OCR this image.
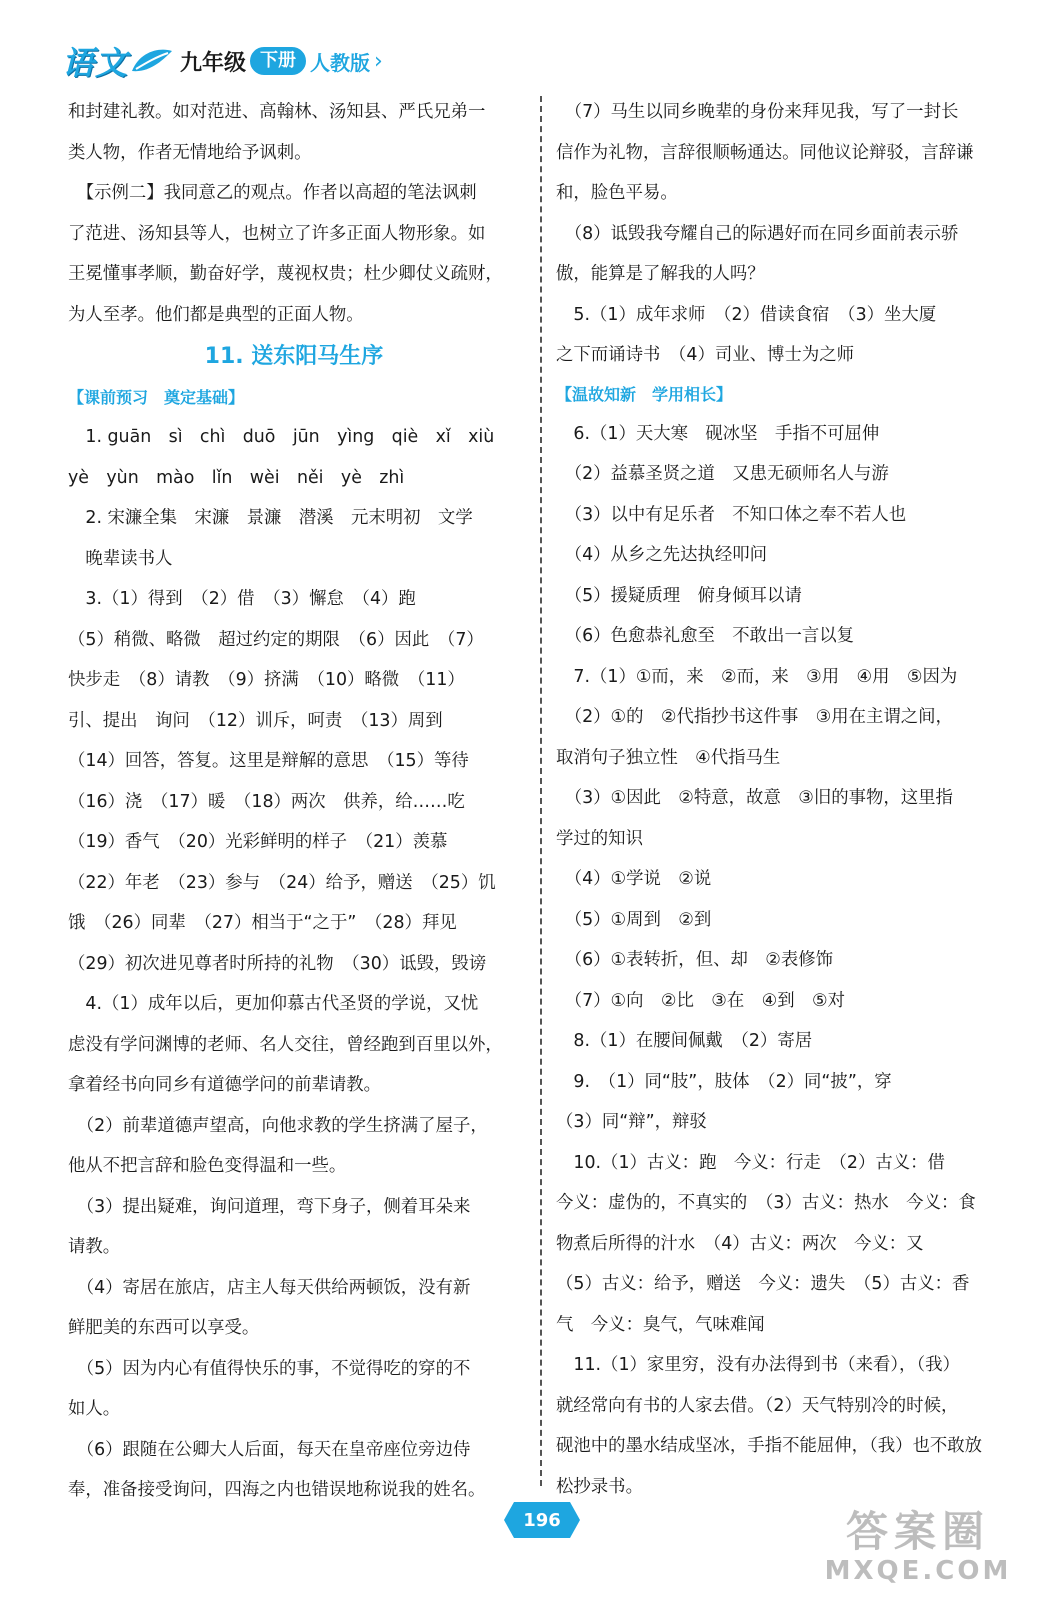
语文 九年级 下册 人教版 ›

和封建礼教。如对范进、高翰林、汤知县、严氏兄弟一

类人物，作者无情地给予讽刺。

　【示例二】我同意乙的观点。作者以高超的笔法讽刺

了范进、汤知县等人，也树立了许多正面人物形象。如

王冕懂事孝顺，勤奋好学，蔑视权贵；杜少卿仗义疏财，

为人至孝。他们都是典型的正面人物。

11. 送东阳马生序
【课前预习　奠定基础】

　1. guān　sì　chì　duō　jūn　yìng　qiè　xǐ　xiù

yè　yùn　mào　lǐn　wèi　něi　yè　zhì

　2. 宋濂全集　宋濂　景濂　潜溪　元末明初　文学

　晚辈读书人

　3.（1）得到　（2）借　（3）懈怠　（4）跑

（5）稍微、略微　超过约定的期限　（6）因此　（7）

快步走　（8）请教　（9）挤满　（10）略微　（11）

引、提出　询问　（12）训斥，呵责　（13）周到

（14）回答，答复。这里是辩解的意思　（15）等待

（16）浇　（17）暖　（18）两次　供养，给……吃

（19）香气　（20）光彩鲜明的样子　（21）羡慕

（22）年老　（23）参与　（24）给予，赠送　（25）饥

饿　（26）同辈　（27）相当于“之于”　（28）拜见

（29）初次进见尊者时所持的礼物　（30）诋毁，毁谤

　4.（1）成年以后，更加仰慕古代圣贤的学说，又忧

虑没有学问渊博的老师、名人交往，曾经跑到百里以外，

拿着经书向同乡有道德学问的前辈请教。

　（2）前辈道德声望高，向他求教的学生挤满了屋子，

他从不把言辞和脸色变得温和一些。

　（3）提出疑难，询问道理，弯下身子，侧着耳朵来

请教。

　（4）寄居在旅店，店主人每天供给两顿饭，没有新

鲜肥美的东西可以享受。

　（5）因为内心有值得快乐的事，不觉得吃的穿的不

如人。

　（6）跟随在公卿大人后面，每天在皇帝座位旁边侍

奉，准备接受询问，四海之内也错误地称说我的姓名。

　（7）马生以同乡晚辈的身份来拜见我，写了一封长

信作为礼物，言辞很顺畅通达。同他议论辩驳，言辞谦

和，脸色平易。

　（8）诋毁我夸耀自己的际遇好而在同乡面前表示骄

傲，能算是了解我的人吗？

　5.（1）成年求师　（2）借读食宿　（3）坐大厦

之下而诵诗书　（4）司业、博士为之师

【温故知新　学用相长】

　6.（1）天大寒　砚冰坚　手指不可屈伸

　（2）益慕圣贤之道　又患无硕师名人与游

　（3）以中有足乐者　不知口体之奉不若人也

　（4）从乡之先达执经叩问

　（5）援疑质理　俯身倾耳以请

　（6）色愈恭礼愈至　不敢出一言以复

　7.（1）①而，来　②而，来　③用　④用　⑤因为

　（2）①的　②代指抄书这件事　③用在主谓之间，

取消句子独立性　④代指马生

　（3）①因此　②特意，故意　③旧的事物，这里指

学过的知识

　（4）①学说　②说

　（5）①周到　②到

　（6）①表转折，但、却　②表修饰

　（7）①向　②比　③在　④到　⑤对

　8.（1）在腰间佩戴　（2）寄居

　9.　（1）同“肢”，肢体　（2）同“披”，穿

（3）同“辩”，辩驳

　10.（1）古义：跑　今义：行走　（2）古义：借

今义：虚伪的，不真实的　（3）古义：热水　今义：食

物煮后所得的汁水　（4）古义：两次　今义：又

（5）古义：给予，赠送　今义：遗失　（5）古义：香

气　今义：臭气，气味难闻

　11.（1）家里穷，没有办法得到书（来看），（我）

就经常向有书的人家去借。（2）天气特别冷的时候，

砚池中的墨水结成坚冰，手指不能屈伸，（我）也不敢放

松抄录书。

196	答案圈
MXQE.COM
